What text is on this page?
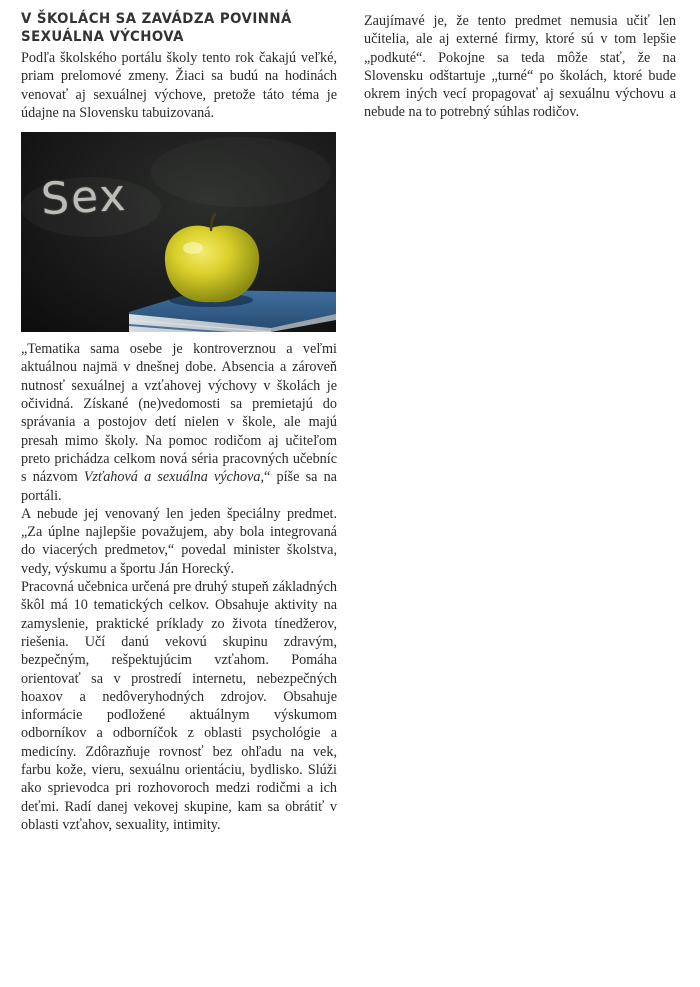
V ŠKOLÁCH SA ZAVÁDZA POVINNÁ
SEXUÁLNA VÝCHOVA

Podľa školského portálu školy tento rok čakajú veľké, priam prelomové zmeny. Žiaci sa budú na hodinách venovať aj sexuálnej výchove, pretože táto téma je údajne na Slovensku tabuizovaná.

Sex

„Tematika sama osebe je kontroverznou a veľmi aktuálnou najmä v dnešnej dobe. Absencia a zároveň nutnosť sexuálnej a vzťahovej výchovy v školách je očividná. Získané (ne)vedomosti sa premietajú do správania a postojov detí nielen v škole, ale majú presah mimo školy. Na pomoc rodičom aj učiteľom preto prichádza celkom nová séria pracovných učebníc s názvom Vzťahová a sexuálna výchova,“ píše sa na portáli.

A nebude jej venovaný len jeden špeciálny predmet. „Za úplne najlepšie považujem, aby bola integrovaná do viacerých predmetov,“ povedal minister školstva, vedy, výskumu a športu Ján Horecký.

Pracovná učebnica určená pre druhý stupeň základných škôl má 10 tematických celkov. Obsahuje aktivity na zamyslenie, praktické príklady zo života tínedžerov, riešenia. Učí danú vekovú skupinu zdravým, bezpečným, rešpektujúcim vzťahom. Pomáha orientovať sa v prostredí internetu, nebezpečných hoaxov a nedôveryhodných zdrojov. Obsahuje informácie podložené aktuálnym výskumom odborníkov a odborníčok z oblasti psychológie a medicíny. Zdôrazňuje rovnosť bez ohľadu na vek, farbu kože, vieru, sexuálnu orientáciu, bydlisko. Slúži ako sprievodca pri rozhovoroch medzi rodičmi a ich deťmi. Radí danej vekovej skupine, kam sa obrátiť v oblasti vzťahov, sexuality, intimity.

Zaujímavé je, že tento predmet nemusia učiť len učitelia, ale aj externé firmy, ktoré sú v tom lepšie „podkuté“. Pokojne sa teda môže stať, že na Slovensku odštartuje „turné“ po školách, ktoré bude okrem iných vecí propagovať aj sexuálnu výchovu a nebude na to potrebný súhlas rodičov.
